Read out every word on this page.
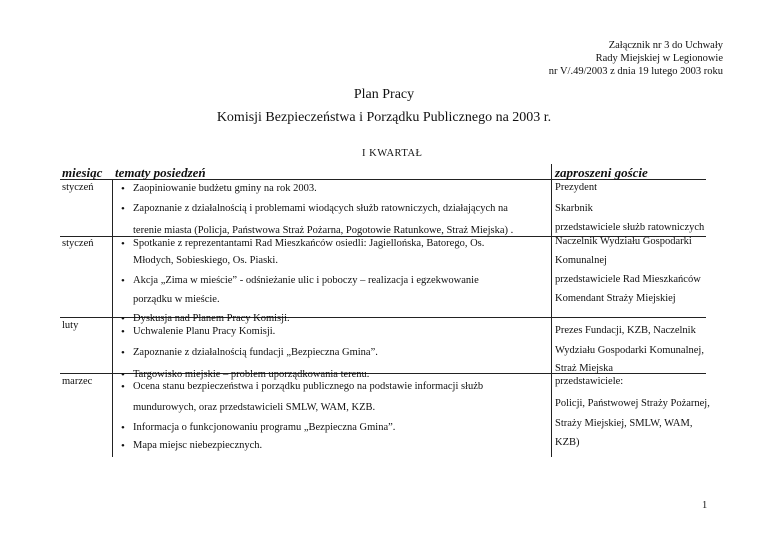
Załącznik nr 3 do Uchwały
Rady Miejskiej w Legionowie
nr V/.49/2003 z dnia 19 lutego 2003 roku
Plan Pracy
Komisji Bezpieczeństwa i Porządku Publicznego na 2003 r.
I KWARTAŁ
miesiąc tematy posiedzeń	zaproszeni goście
styczeń
styczeń
luty
marzec
•
•
•
•
•
•
•
•
•
•
•
Zaopiniowanie budżetu gminy na rok 2003.
Zapoznanie z działalnością i problemami wiodących służb ratowniczych, działających na
terenie miasta (Policja, Państwowa Straż Pożarna, Pogotowie Ratunkowe, Straż Miejska) .
Spotkanie z reprezentantami Rad Mieszkańców osiedli: Jagiellońska, Batorego, Os.
Młodych, Sobieskiego, Os. Piaski.
Akcja „Zima w mieście” - odśnieżanie ulic i poboczy – realizacja i egzekwowanie
porządku w mieście.
Dyskusja nad Planem Pracy Komisji.
Uchwalenie Planu Pracy Komisji.
Zapoznanie z działalnością fundacji „Bezpieczna Gmina”.
Targowisko miejskie – problem uporządkowania terenu.
Ocena stanu bezpieczeństwa i porządku publicznego na podstawie informacji służb
mundurowych, oraz przedstawicieli SMLW, WAM, KZB.
Informacja o funkcjonowaniu programu „Bezpieczna Gmina”.
Mapa miejsc niebezpiecznych.
Prezydent
Skarbnik
przedstawiciele służb ratowniczych
Naczelnik Wydziału Gospodarki
Komunalnej
przedstawiciele Rad Mieszkańców
Komendant Straży Miejskiej
Prezes Fundacji, KZB, Naczelnik
Wydziału Gospodarki Komunalnej,
Straż Miejska
przedstawiciele:
Policji, Państwowej Straży Pożarnej,
Straży Miejskiej, SMLW, WAM,
KZB)
1
